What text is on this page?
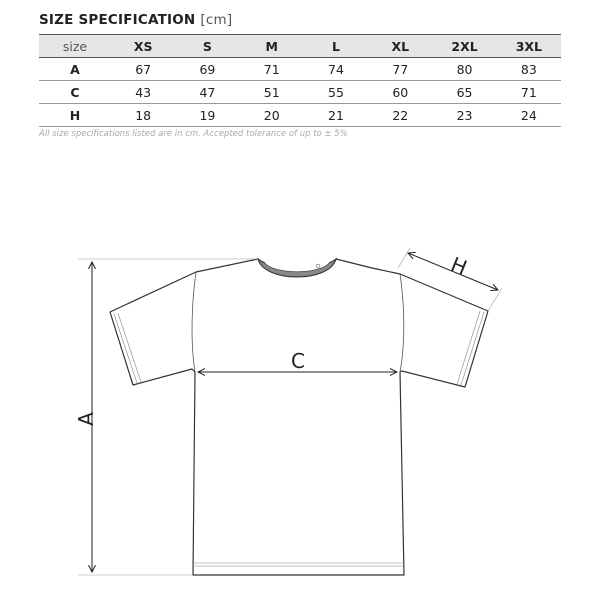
SIZE SPECIFICATION [cm]
size	XS	S	M	L	XL	2XL	3XL
A	67	69	71	74	77	80	83
C	43	47	51	55	60	65	71
H	18	19	20	21	22	23	24
All size specifications listed are in cm. Accepted tolerance of up to ± 5%
A
C
H
